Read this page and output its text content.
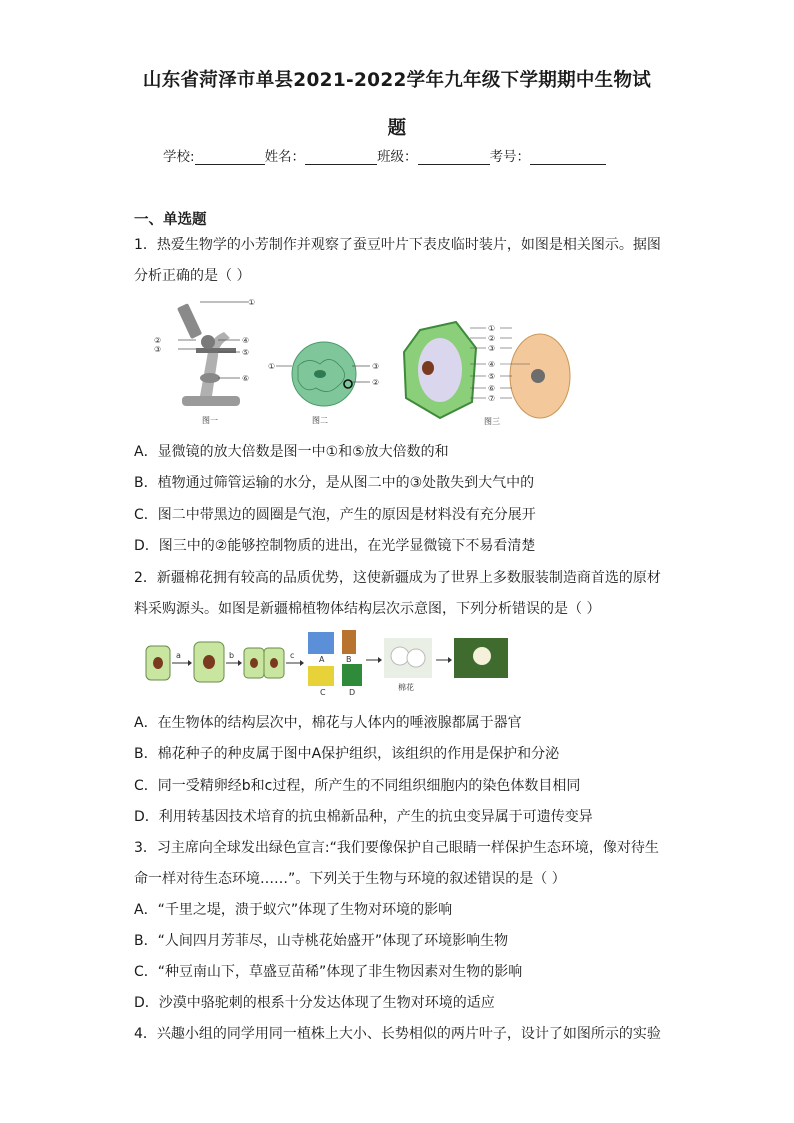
山东省菏泽市单县2021-2022学年九年级下学期期中生物试
题
学校:	姓名：	班级：	考号：
一、单选题
1．热爱生物学的小芳制作并观察了蚕豆叶片下表皮临时装片，如图是相关图示。据图
分析正确的是（ ）
①
②
③
④
⑤
⑥
图一
①	③
②
图二
①
②
③
④
⑤
⑥
⑦
图三
A．显微镜的放大倍数是图一中①和⑤放大倍数的和
B．植物通过筛管运输的水分，是从图二中的③处散失到大气中的
C．图二中带黑边的圆圈是气泡，产生的原因是材料没有充分展开
D．图三中的②能够控制物质的进出，在光学显微镜下不易看清楚
2．新疆棉花拥有较高的品质优势，这使新疆成为了世界上多数服装制造商首选的原材
料采购源头。如图是新疆棉植物体结构层次示意图，下列分析错误的是（ ）
a	b	c	A	B
C	D
棉花
A．在生物体的结构层次中，棉花与人体内的唾液腺都属于器官
B．棉花种子的种皮属于图中A保护组织，该组织的作用是保护和分泌
C．同一受精卵经b和c过程，所产生的不同组织细胞内的染色体数目相同
D．利用转基因技术培育的抗虫棉新品种，产生的抗虫变异属于可遗传变异
3．习主席向全球发出绿色宣言:“我们要像保护自己眼睛一样保护生态环境，像对待生
命一样对待生态环境……”。下列关于生物与环境的叙述错误的是（ ）
A．“千里之堤，溃于蚁穴”体现了生物对环境的影响
B．“人间四月芳菲尽，山寺桃花始盛开”体现了环境影响生物
C．“种豆南山下，草盛豆苗稀”体现了非生物因素对生物的影响
D．沙漠中骆驼刺的根系十分发达体现了生物对环境的适应
4．兴趣小组的同学用同一植株上大小、长势相似的两片叶子，设计了如图所示的实验
